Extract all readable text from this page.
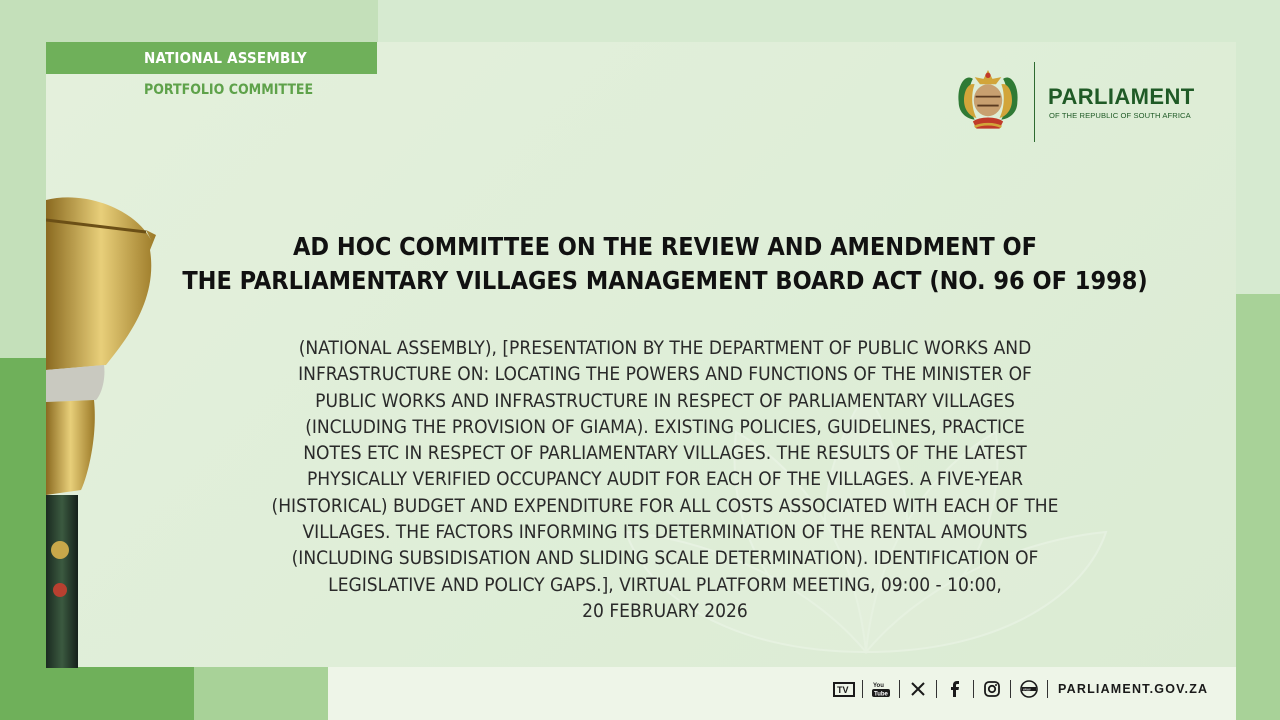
NATIONAL ASSEMBLY
PORTFOLIO COMMITTEE	PARLIAMENT
OF THE REPUBLIC OF SOUTH AFRICA
AD HOC COMMITTEE ON THE REVIEW AND AMENDMENT OF
THE PARLIAMENTARY VILLAGES MANAGEMENT BOARD ACT (NO. 96 OF 1998)
(NATIONAL ASSEMBLY), [PRESENTATION BY THE DEPARTMENT OF PUBLIC WORKS AND
INFRASTRUCTURE ON: LOCATING THE POWERS AND FUNCTIONS OF THE MINISTER OF
PUBLIC WORKS AND INFRASTRUCTURE IN RESPECT OF PARLIAMENTARY VILLAGES
(INCLUDING THE PROVISION OF GIAMA). EXISTING POLICIES, GUIDELINES, PRACTICE
NOTES ETC IN RESPECT OF PARLIAMENTARY VILLAGES. THE RESULTS OF THE LATEST
PHYSICALLY VERIFIED OCCUPANCY AUDIT FOR EACH OF THE VILLAGES. A FIVE-YEAR
(HISTORICAL) BUDGET AND EXPENDITURE FOR ALL COSTS ASSOCIATED WITH EACH OF THE
VILLAGES. THE FACTORS INFORMING ITS DETERMINATION OF THE RENTAL AMOUNTS
(INCLUDING SUBSIDISATION AND SLIDING SCALE DETERMINATION). IDENTIFICATION OF
LEGISLATIVE AND POLICY GAPS.], VIRTUAL PLATFORM MEETING, 09:00 - 10:00,
20 FEBRUARY 2026
TV	You
Tube
www PARLIAMENT.GOV.ZA
